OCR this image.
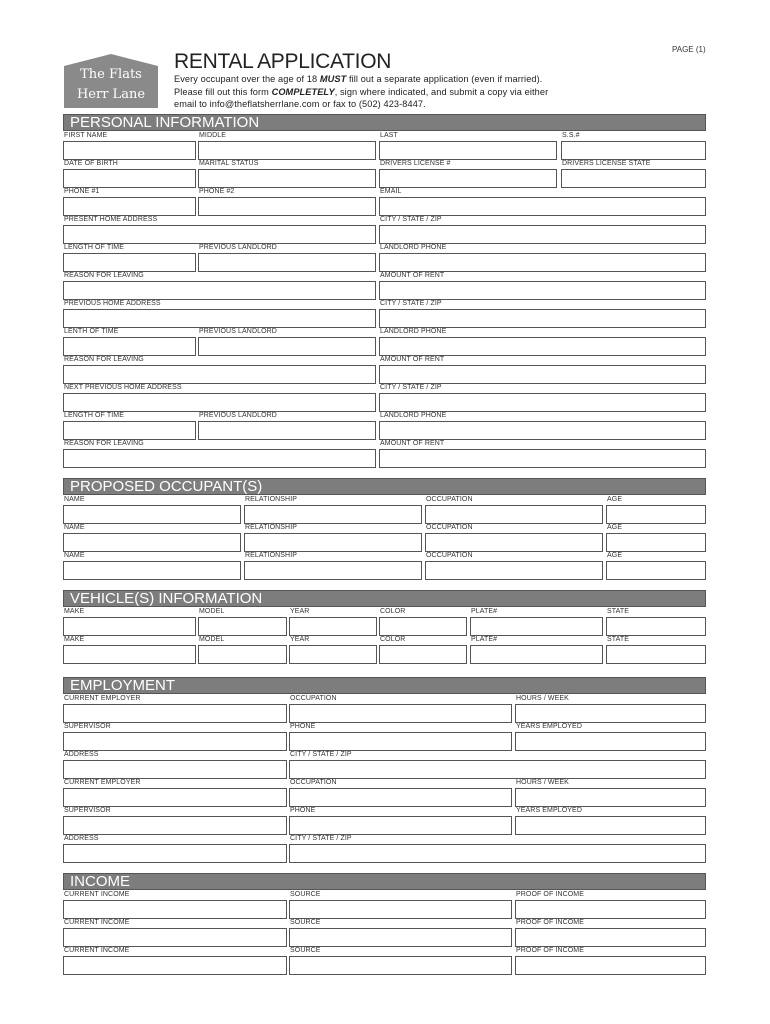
PAGE (1)
The Flats
Herr Lane
RENTAL APPLICATION
Every occupant over the age of 18 MUST fill out a separate application (even if married).
Please fill out this form COMPLETELY, sign where indicated, and submit a copy via either
email to info@theflatsherrlane.com or fax to (502) 423-8447.
PERSONAL INFORMATION
FIRST NAME	MIDDLE	LAST	S.S.#
DATE OF BIRTH	MARITAL STATUS	DRIVERS LICENSE #	DRIVERS LICENSE STATE
PHONE #1	PHONE #2	EMAIL
PRESENT HOME ADDRESS	CITY / STATE / ZIP
LENGTH OF TIME	PREVIOUS LANDLORD	LANDLORD PHONE
REASON FOR LEAVING	AMOUNT OF RENT
PREVIOUS HOME ADDRESS	CITY / STATE / ZIP
LENTH OF TIME	PREVIOUS LANDLORD	LANDLORD PHONE
REASON FOR LEAVING	AMOUNT OF RENT
NEXT PREVIOUS HOME ADDRESS	CITY / STATE / ZIP
LENGTH OF TIME	PREVIOUS LANDLORD	LANDLORD PHONE
REASON FOR LEAVING	AMOUNT OF RENT
PROPOSED OCCUPANT(S)
NAME	RELATIONSHIP	OCCUPATION	AGE
NAME	RELATIONSHIP	OCCUPATION	AGE
NAME	RELATIONSHIP	OCCUPATION	AGE
VEHICLE(S) INFORMATION
MAKE	MODEL	YEAR	COLOR	PLATE#	STATE
MAKE	MODEL	YEAR	COLOR	PLATE#	STATE
EMPLOYMENT
CURRENT EMPLOYER	OCCUPATION	HOURS / WEEK
SUPERVISOR	PHONE	YEARS EMPLOYED
ADDRESS	CITY / STATE / ZIP
CURRENT EMPLOYER	OCCUPATION	HOURS / WEEK
SUPERVISOR	PHONE	YEARS EMPLOYED
ADDRESS	CITY / STATE / ZIP
INCOME
CURRENT INCOME	SOURCE	PROOF OF INCOME
CURRENT INCOME	SOURCE	PROOF OF INCOME
CURRENT INCOME	SOURCE	PROOF OF INCOME
